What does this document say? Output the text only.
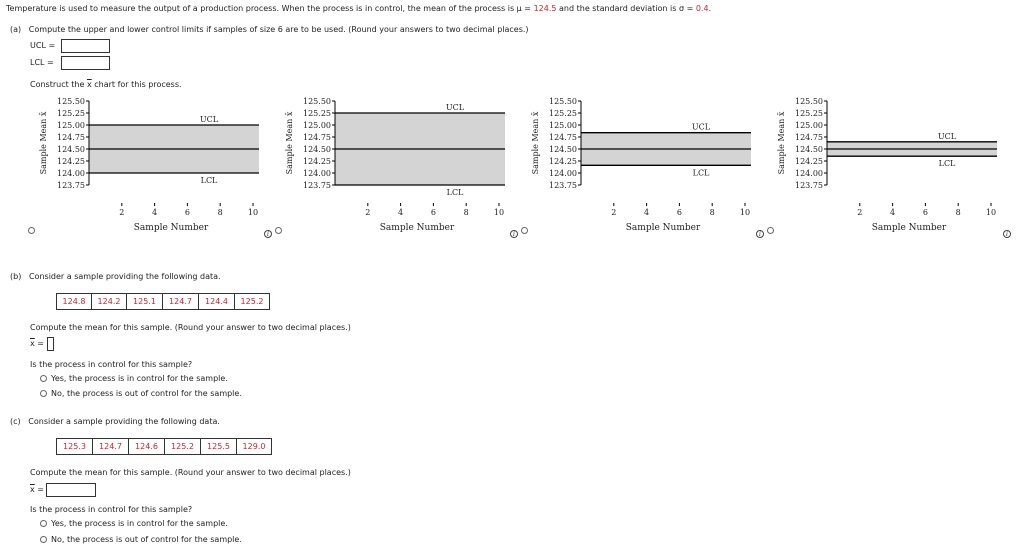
Temperature is used to measure the output of a production process. When the process is in control, the mean of the process is μ = 124.5 and the standard deviation is σ = 0.4.
(a) Compute the upper and lower control limits if samples of size 6 are to be used. (Round your answers to two decimal places.)
UCL =
LCL =
Construct the $\overline{x}$ chart for this process.
125.50
125.25
125.00
124.75
124.50
124.25
124.00
123.75
2	4	6	8	10
UCL
LCL
Sample Mean x̄
Sample Number
125.50
125.25
125.00
124.75
124.50
124.25
124.00
123.75
2	4	6	8	10
UCL
LCL
Sample Mean x̄
Sample Number
125.50
125.25
125.00
124.75
124.50
124.25
124.00
123.75
2	4	6	8	10
UCL
LCL
Sample Mean x̄
Sample Number
125.50
125.25
125.00
124.75
124.50
124.25
124.00
123.75
2	4	6	8	10
UCL
LCL
Sample Mean x̄
Sample Number
i	i	i	i
(b) Consider a sample providing the following data.
124.8	124.2	125.1	124.7	124.4	125.2
Compute the mean for this sample. (Round your answer to two decimal places.)
$\overline{x}$ =
Is the process in control for this sample?
Yes, the process is in control for the sample.
No, the process is out of control for the sample.
(c) Consider a sample providing the following data.
125.3	124.7	124.6	125.2	125.5	129.0
Compute the mean for this sample. (Round your answer to two decimal places.)
$\overline{x}$ =
Is the process in control for this sample?
Yes, the process is in control for the sample.
No, the process is out of control for the sample.
